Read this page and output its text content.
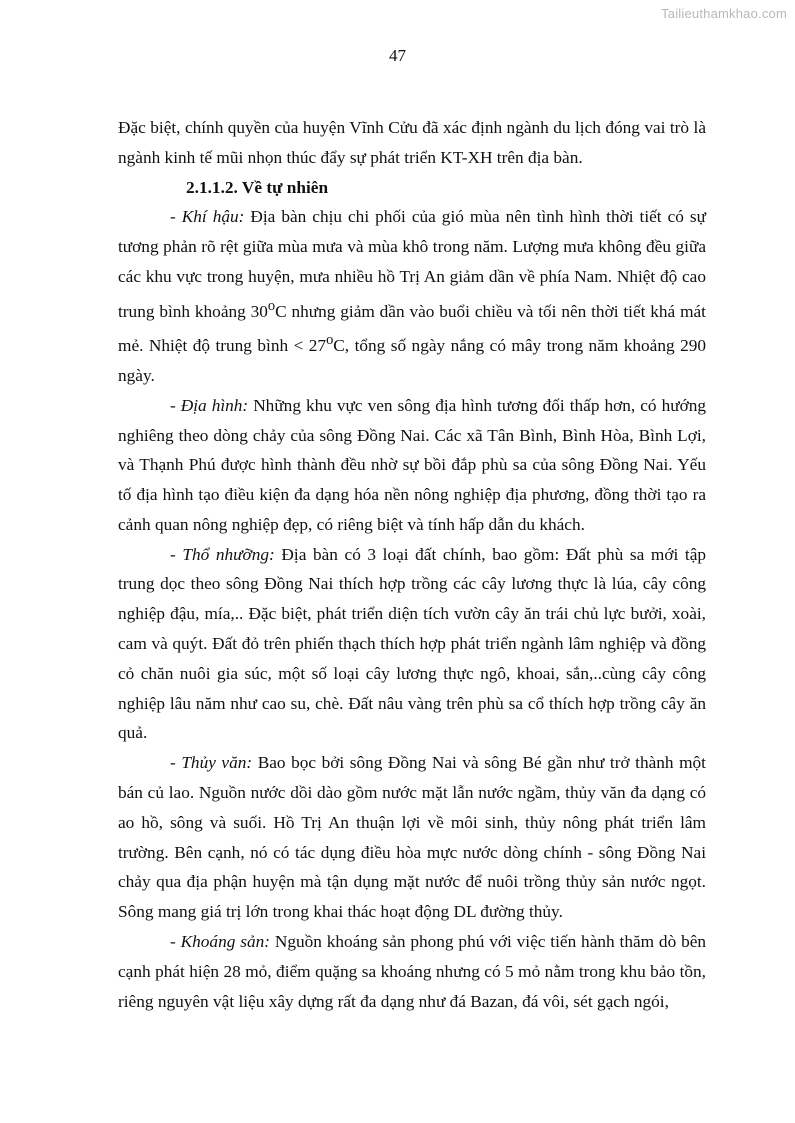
Tailieuthamkhao.com
47

Đặc biệt, chính quyền của huyện Vĩnh Cửu đã xác định ngành du lịch đóng vai trò là ngành kinh tế mũi nhọn thúc đẩy sự phát triển KT-XH trên địa bàn.

2.1.1.2. Về tự nhiên

- Khí hậu: Địa bàn chịu chi phối của gió mùa nên tình hình thời tiết có sự tương phản rõ rệt giữa mùa mưa và mùa khô trong năm. Lượng mưa không đều giữa các khu vực trong huyện, mưa nhiều hồ Trị An giảm dần về phía Nam. Nhiệt độ cao trung bình khoảng 30$^o$C nhưng giảm dần vào buổi chiều và tối nên thời tiết khá mát mẻ. Nhiệt độ trung bình < $27^oC$, tổng số ngày nắng có mây trong năm khoảng 290 ngày.

- Địa hình: Những khu vực ven sông địa hình tương đối thấp hơn, có hướng nghiêng theo dòng chảy của sông Đồng Nai. Các xã Tân Bình, Bình Hòa, Bình Lợi, và Thạnh Phú được hình thành đều nhờ sự bồi đắp phù sa của sông Đồng Nai. Yếu tố địa hình tạo điều kiện đa dạng hóa nền nông nghiệp địa phương, đồng thời tạo ra cảnh quan nông nghiệp đẹp, có riêng biệt và tính hấp dẫn du khách.

- Thổ nhưỡng: Địa bàn có 3 loại đất chính, bao gồm: Đất phù sa mới tập trung dọc theo sông Đồng Nai thích hợp trồng các cây lương thực là lúa, cây công nghiệp đậu, mía,.. Đặc biệt, phát triển diện tích vườn cây ăn trái chủ lực bưởi, xoài, cam và quýt. Đất đỏ trên phiến thạch thích hợp phát triển ngành lâm nghiệp và đồng cỏ chăn nuôi gia súc, một số loại cây lương thực ngô, khoai, sắn,..cùng cây công nghiệp lâu năm như cao su, chè. Đất nâu vàng trên phù sa cổ thích hợp trồng cây ăn quả.

- Thủy văn: Bao bọc bởi sông Đồng Nai và sông Bé gần như trở thành một bán củ lao. Nguồn nước dồi dào gồm nước mặt lẫn nước ngầm, thủy văn đa dạng có ao hồ, sông và suối. Hồ Trị An thuận lợi về môi sinh, thủy nông phát triển lâm trường. Bên cạnh, nó có tác dụng điều hòa mực nước dòng chính - sông Đồng Nai chảy qua địa phận huyện mà tận dụng mặt nước để nuôi trồng thủy sản nước ngọt. Sông mang giá trị lớn trong khai thác hoạt động DL đường thủy.

- Khoáng sản: Nguồn khoáng sản phong phú với việc tiến hành thăm dò bên cạnh phát hiện 28 mỏ, điểm quặng sa khoáng nhưng có 5 mỏ nằm trong khu bảo tồn, riêng nguyên vật liệu xây dựng rất đa dạng như đá Bazan, đá vôi, sét gạch ngói,
